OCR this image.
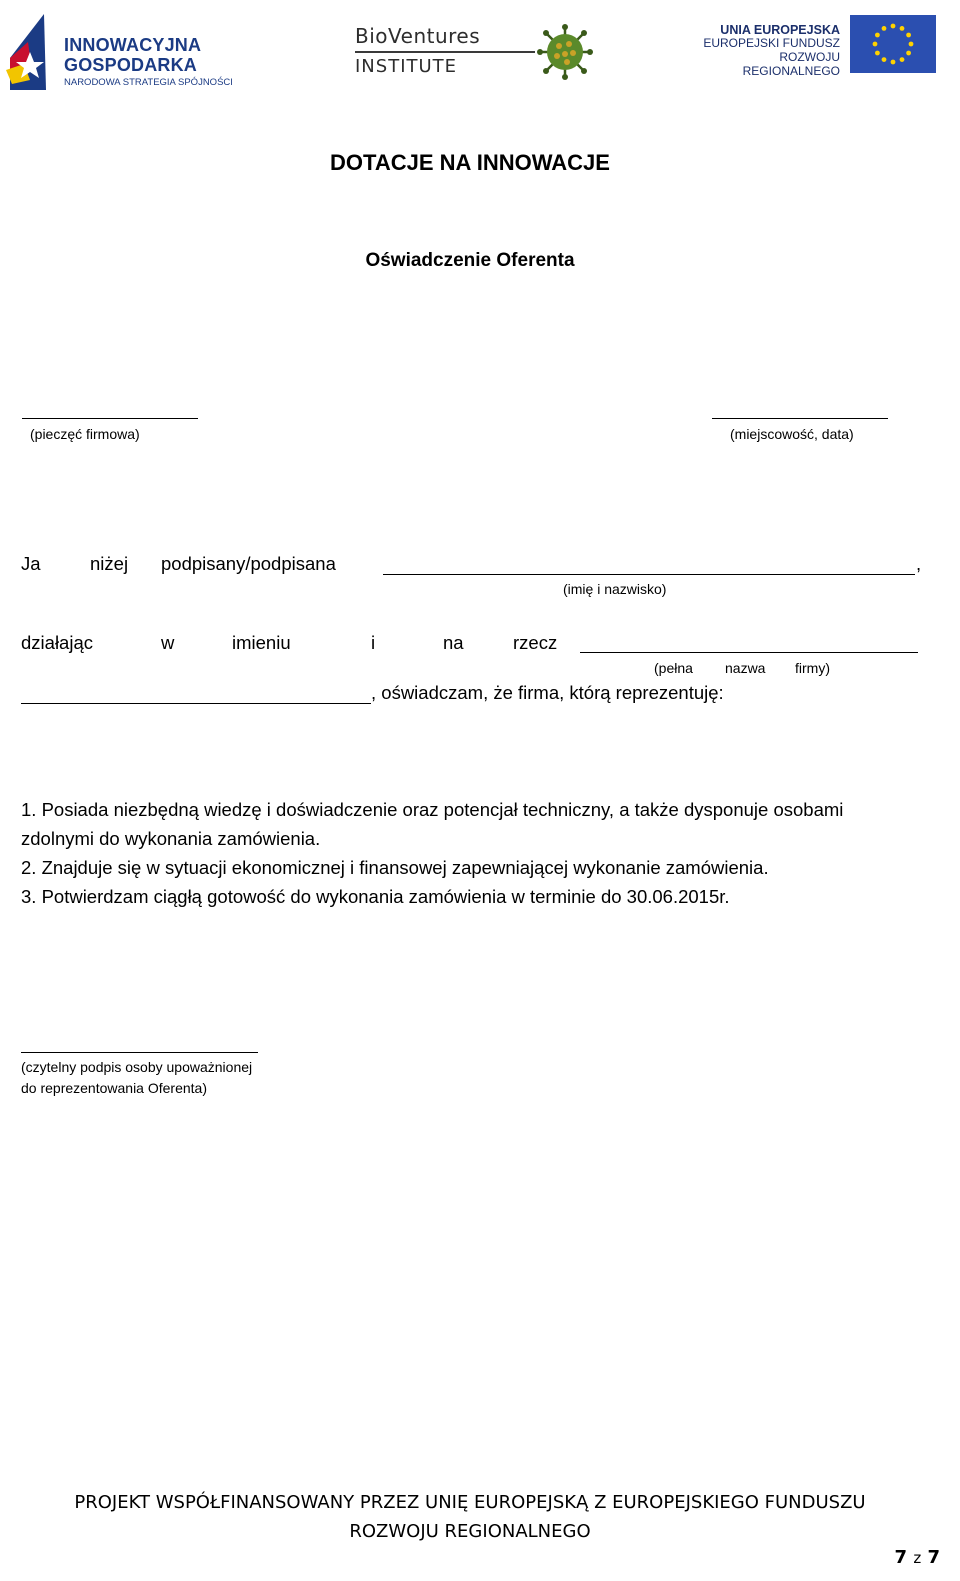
INNOWACYJNA
GOSPODARKA
NARODOWA STRATEGIA SPÓJNOŚCI
BioVentures
INSTITUTE
UNIA EUROPEJSKA
EUROPEJSKI FUNDUSZ
ROZWOJU REGIONALNEGO
DOTACJE NA INNOWACJE
Oświadczenie Oferenta
(pieczęć firmowa)	(miejscowość, data)
Ja	niżej podpisany/podpisana	,
(imię i nazwisko)
działając	w	imieniu	i	na	rzecz
(pełna nazwa firmy)
, oświadczam, że firma, którą reprezentuję:
1. Posiada niezbędną wiedzę i doświadczenie oraz potencjał techniczny, a także dysponuje osobami zdolnymi do wykonania zamówienia.
2. Znajduje się w sytuacji ekonomicznej i finansowej zapewniającej wykonanie zamówienia.
3. Potwierdzam ciągłą gotowość do wykonania zamówienia w terminie do 30.06.2015r.
(czytelny podpis osoby upoważnionej
do reprezentowania Oferenta)
PROJEKT WSPÓŁFINANSOWANY PRZEZ UNIĘ EUROPEJSKĄ Z EUROPEJSKIEGO FUNDUSZU
ROZWOJU REGIONALNEGO
7 z 7
